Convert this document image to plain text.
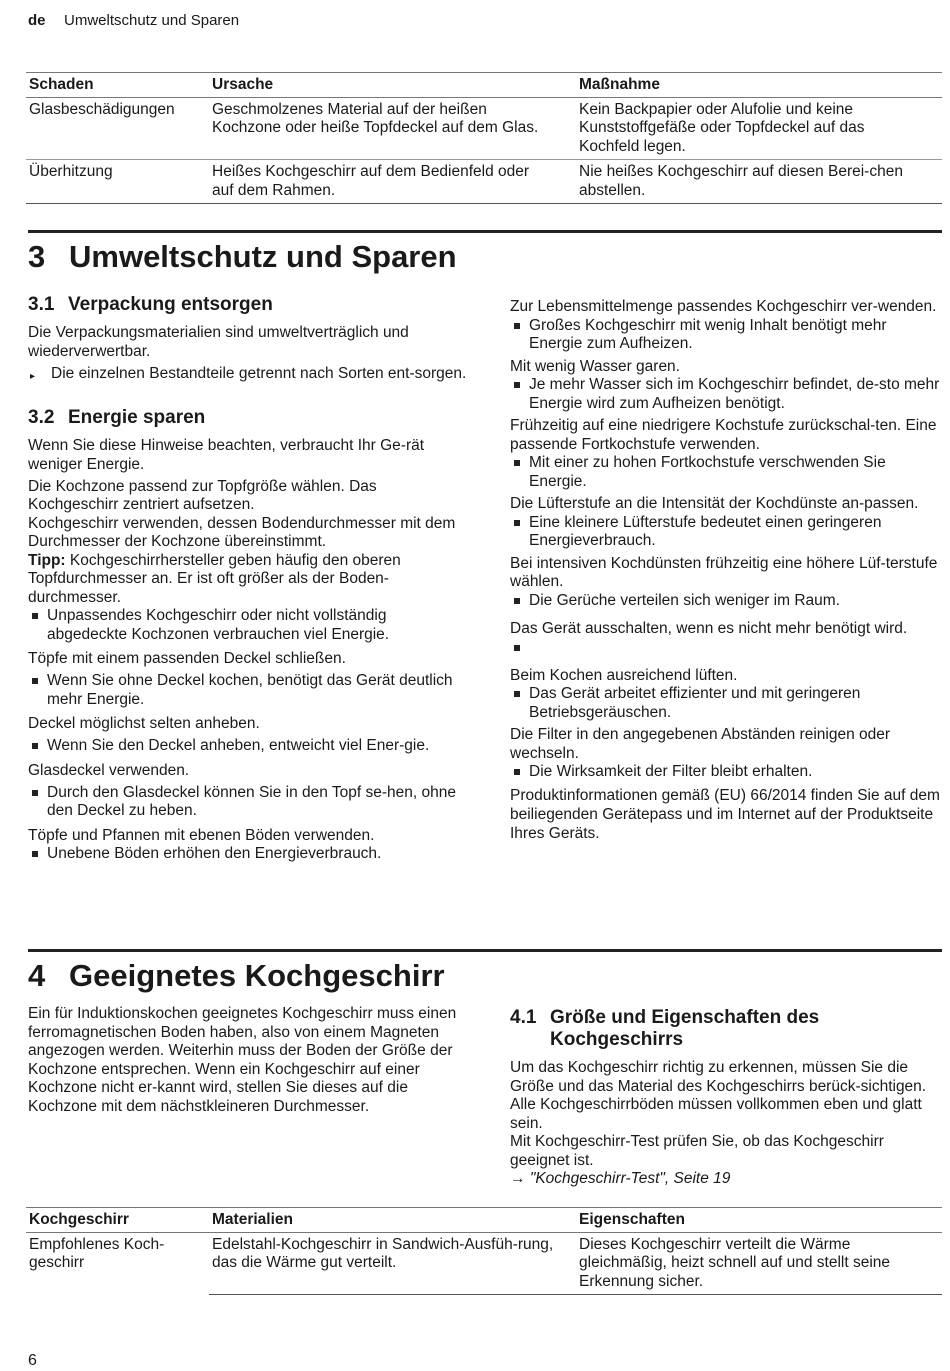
de Umweltschutz und Sparen
Schaden	Ursache	Maßnahme
Glasbeschädigungen	Geschmolzenes Material auf der heißen Kochzone oder heiße Topfdeckel auf dem Glas.	Kein Backpapier oder Alufolie und keine Kunststoffgefäße oder Topfdeckel auf das Kochfeld legen.
Überhitzung	Heißes Kochgeschirr auf dem Bedienfeld oder auf dem Rahmen.	Nie heißes Kochgeschirr auf diesen Berei-chen abstellen.
3 Umweltschutz und Sparen
3.1 Verpackung entsorgen

Die Verpackungsmaterialien sind umweltverträglich und wiederverwertbar.

▸ Die einzelnen Bestandteile getrennt nach Sorten ent-sorgen.
3.2 Energie sparen

Wenn Sie diese Hinweise beachten, verbraucht Ihr Ge-rät weniger Energie.

Die Kochzone passend zur Topfgröße wählen. Das Kochgeschirr zentriert aufsetzen.

Kochgeschirr verwenden, dessen Bodendurchmesser mit dem Durchmesser der Kochzone übereinstimmt.

Tipp: Kochgeschirrhersteller geben häufig den oberen Topfdurchmesser an. Er ist oft größer als der Boden-durchmesser.

Unpassendes Kochgeschirr oder nicht vollständig abgedeckte Kochzonen verbrauchen viel Energie.

Töpfe mit einem passenden Deckel schließen.

Wenn Sie ohne Deckel kochen, benötigt das Gerät deutlich mehr Energie.

Deckel möglichst selten anheben.

Wenn Sie den Deckel anheben, entweicht viel Ener-gie.

Glasdeckel verwenden.

Durch den Glasdeckel können Sie in den Topf se-hen, ohne den Deckel zu heben.

Töpfe und Pfannen mit ebenen Böden verwenden.

Unebene Böden erhöhen den Energieverbrauch.

Zur Lebensmittelmenge passendes Kochgeschirr ver-wenden.

Großes Kochgeschirr mit wenig Inhalt benötigt mehr Energie zum Aufheizen.

Mit wenig Wasser garen.

Je mehr Wasser sich im Kochgeschirr befindet, de-sto mehr Energie wird zum Aufheizen benötigt.

Frühzeitig auf eine niedrigere Kochstufe zurückschal-ten. Eine passende Fortkochstufe verwenden.

Mit einer zu hohen Fortkochstufe verschwenden Sie Energie.

Die Lüfterstufe an die Intensität der Kochdünste an-passen.

Eine kleinere Lüfterstufe bedeutet einen geringeren Energieverbrauch.

Bei intensiven Kochdünsten frühzeitig eine höhere Lüf-terstufe wählen.

Die Gerüche verteilen sich weniger im Raum.

Das Gerät ausschalten, wenn es nicht mehr benötigt wird.

Beim Kochen ausreichend lüften.

Das Gerät arbeitet effizienter und mit geringeren Betriebsgeräuschen.

Die Filter in den angegebenen Abständen reinigen oder wechseln.

Die Wirksamkeit der Filter bleibt erhalten.

Produktinformationen gemäß (EU) 66/2014 finden Sie auf dem beiliegenden Gerätepass und im Internet auf der Produktseite Ihres Geräts.

4 Geeignetes Kochgeschirr

Ein für Induktionskochen geeignetes Kochgeschirr muss einen ferromagnetischen Boden haben, also von einem Magneten angezogen werden. Weiterhin muss der Boden der Größe der Kochzone entsprechen. Wenn ein Kochgeschirr auf einer Kochzone nicht er-kannt wird, stellen Sie dieses auf die Kochzone mit dem nächstkleineren Durchmesser.

4.1 Größe und Eigenschaften des Kochgeschirrs

Um das Kochgeschirr richtig zu erkennen, müssen Sie die Größe und das Material des Kochgeschirrs berück-sichtigen. Alle Kochgeschirrböden müssen vollkommen eben und glatt sein.

Mit Kochgeschirr-Test prüfen Sie, ob das Kochgeschirr geeignet ist.

→ "Kochgeschirr-Test", Seite 19

Kochgeschirr	Materialien	Eigenschaften
Empfohlenes Koch-geschirr	Edelstahl-Kochgeschirr in Sandwich-Ausfüh-rung, das die Wärme gut verteilt.	Dieses Kochgeschirr verteilt die Wärme gleichmäßig, heizt schnell auf und stellt seine Erkennung sicher.
6
